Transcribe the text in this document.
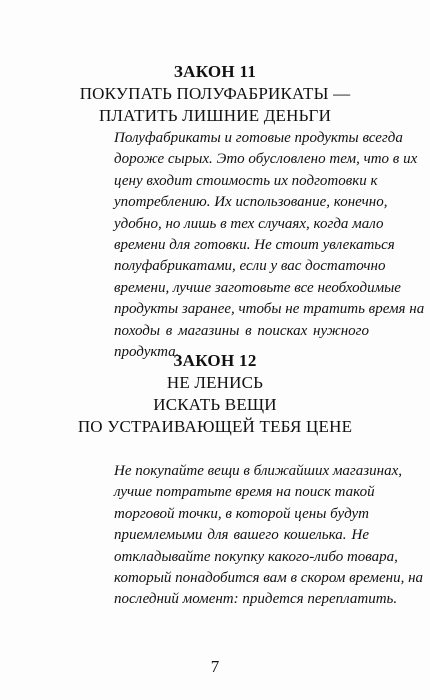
ЗАКОН 11
ПОКУПАТЬ ПОЛУФАБРИКАТЫ —
ПЛАТИТЬ ЛИШНИЕ ДЕНЬГИ
Полуфабрикаты и готовые продукты всегда
дороже сырых. Это обусловлено тем, что в их
цену входит стоимость их подготовки к
употреблению. Их использование, конечно,
удобно, но лишь в тех случаях, когда мало
времени для готовки. Не стоит увлекаться
полуфабрикатами, если у вас достаточно
времени, лучше заготовьте все необходимые
продукты заранее, чтобы не тратить время на
походы в магазины в поисках нужного
продукта.
ЗАКОН 12
НЕ ЛЕНИСЬ
ИСКАТЬ ВЕЩИ
ПО УСТРАИВАЮЩЕЙ ТЕБЯ ЦЕНЕ
Не покупайте вещи в ближайших магазинах,
лучше потратьте время на поиск такой
торговой точки, в которой цены будут
приемлемыми для вашего кошелька. Не
откладывайте покупку какого-либо товара,
который понадобится вам в скором времени, на
последний момент: придется переплатить.
7
